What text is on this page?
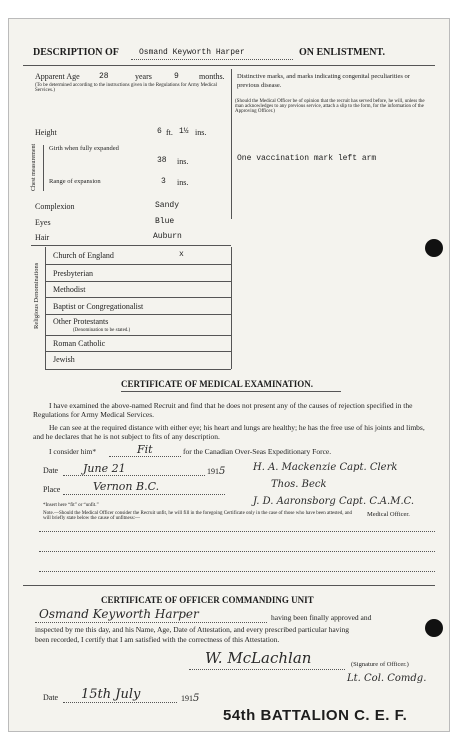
DESCRIPTION OF	Osmand Keyworth Harper	ON ENLISTMENT.
Apparent Age 28	years	9	months.
(To be determined according to the instructions given in the Regulations for Army Medical Services.)
Distinctive marks, and marks indicating congenital peculiarities or previous disease.
(Should the Medical Officer be of opinion that the recruit has served before, he will, unless the man acknowledges to any previous service, attach a slip to the form, for the information of the Approving Officer.)
One vaccination mark left arm
Height	6 ft. 1½ ins.
Chest measurement Girth when fully expanded
38 ins.
Range of expansion	3 ins.
Complexion	Sandy
Eyes	Blue
Hair	Auburn
Religious Denominations
Church of England	x
Presbyterian
Methodist
Baptist or Congregationalist
Other Protestants
(Denomination to be stated.)
Roman Catholic
Jewish
CERTIFICATE OF MEDICAL EXAMINATION.
I have examined the above-named Recruit and find that he does not present any of the causes of rejection specified in the Regulations for Army Medical Services.
He can see at the required distance with either eye; his heart and lungs are healthy; he has the free use of his joints and limbs, and he declares that he is not subject to fits of any description.
I consider him*	Fit	for the Canadian Over-Seas Expeditionary Force.
Date June 21	1915
Place	Vernon B.C.
H. A. Mackenzie Capt. Clerk
Thos. Beck
J. D. Aaronsborg Capt. C.A.M.C.
Medical Officer.
*Insert here “fit” or “unfit.”
Note.—Should the Medical Officer consider the Recruit unfit, he will fill in the foregoing Certificate only in the case of those who have been attested, and will briefly state below the cause of unfitness:—
CERTIFICATE OF OFFICER COMMANDING UNIT
Osmand Keyworth Harper	having been finally approved and
inspected by me this day, and his Name, Age, Date of Attestation, and every prescribed particular having
been recorded, I certify that I am satisfied with the correctness of this Attestation.
W. McLachlan	(Signature of Officer.)
Lt. Col. Comdg.
Date 15th July	1915
54th BATTALION C. E. F.
